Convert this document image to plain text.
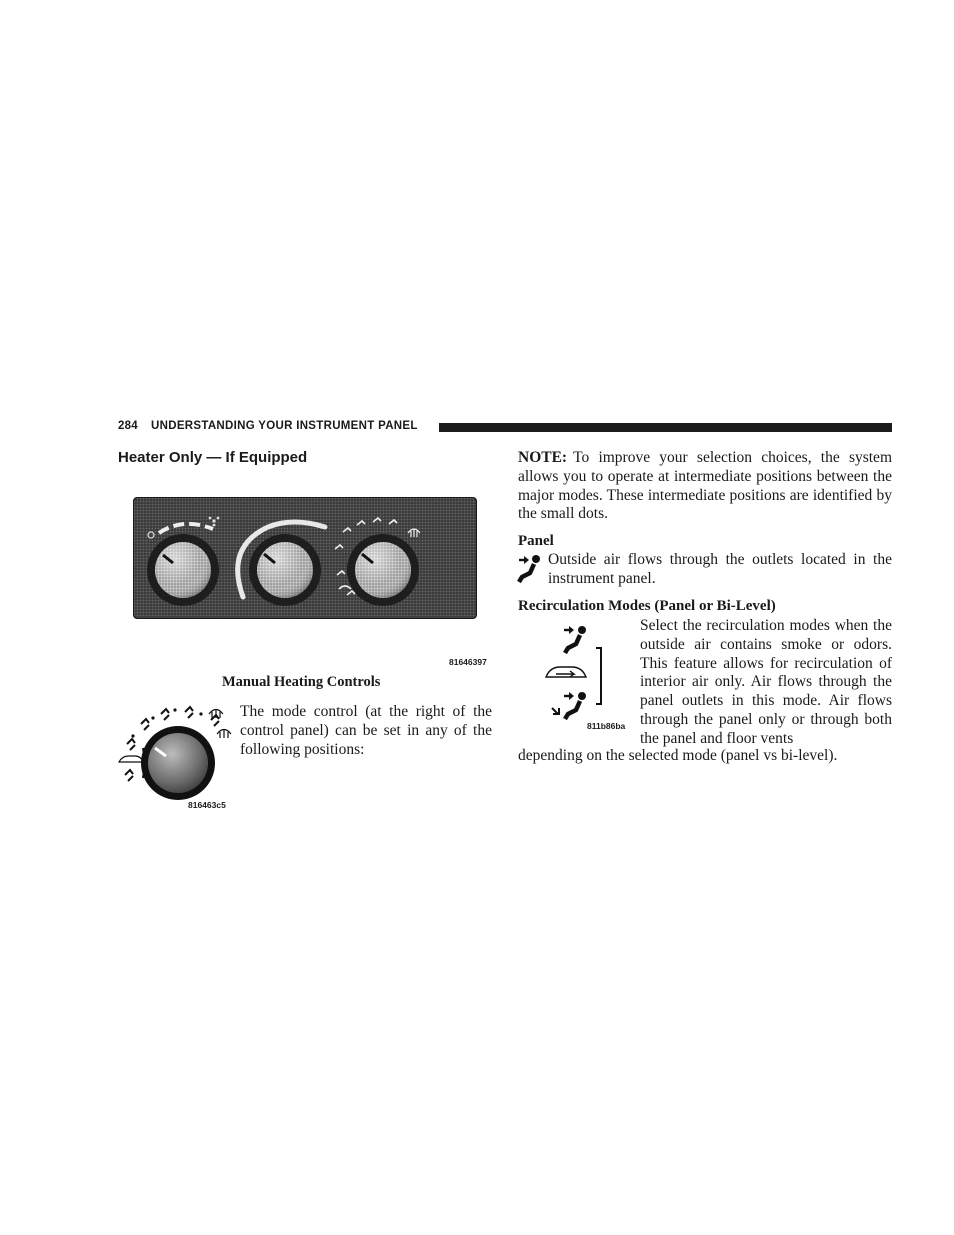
284 UNDERSTANDING YOUR INSTRUMENT PANEL
Heater Only — If Equipped
81646397
Manual Heating Controls
816463c5
The mode control (at the right of the control panel) can be set in any of the following positions:
NOTE: To improve your selection choices, the system allows you to operate at intermediate positions between the major modes. These intermediate positions are identified by the small dots.
Panel
Outside air flows through the outlets located in the instrument panel.
Recirculation Modes (Panel or Bi-Level)
811b86ba
Select the recirculation modes when the outside air contains smoke or odors. This feature allows for recirculation of interior air only. Air flows through the panel outlets in this mode. Air flows through the panel only or through both the panel and floor vents
depending on the selected mode (panel vs bi-level).
